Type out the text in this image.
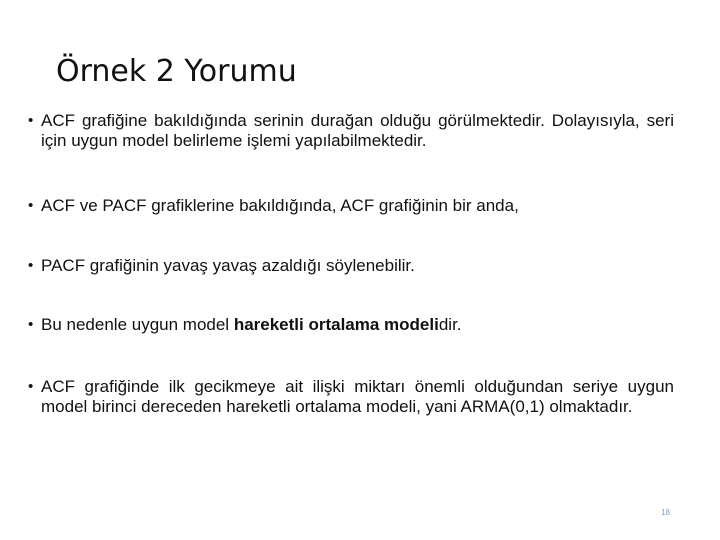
Örnek 2 Yorumu
• ACF grafiğine bakıldığında serinin durağan olduğu görülmektedir. Dolayısıyla, seri için uygun model belirleme işlemi yapılabilmektedir.
• ACF ve PACF grafiklerine bakıldığında, ACF grafiğinin bir anda,
• PACF grafiğinin yavaş yavaş azaldığı söylenebilir.
• Bu nedenle uygun model hareketli ortalama modelidir.
• ACF grafiğinde ilk gecikmeye ait ilişki miktarı önemli olduğundan seriye uygun model birinci dereceden hareketli ortalama modeli, yani ARMA(0,1) olmaktadır.
18
